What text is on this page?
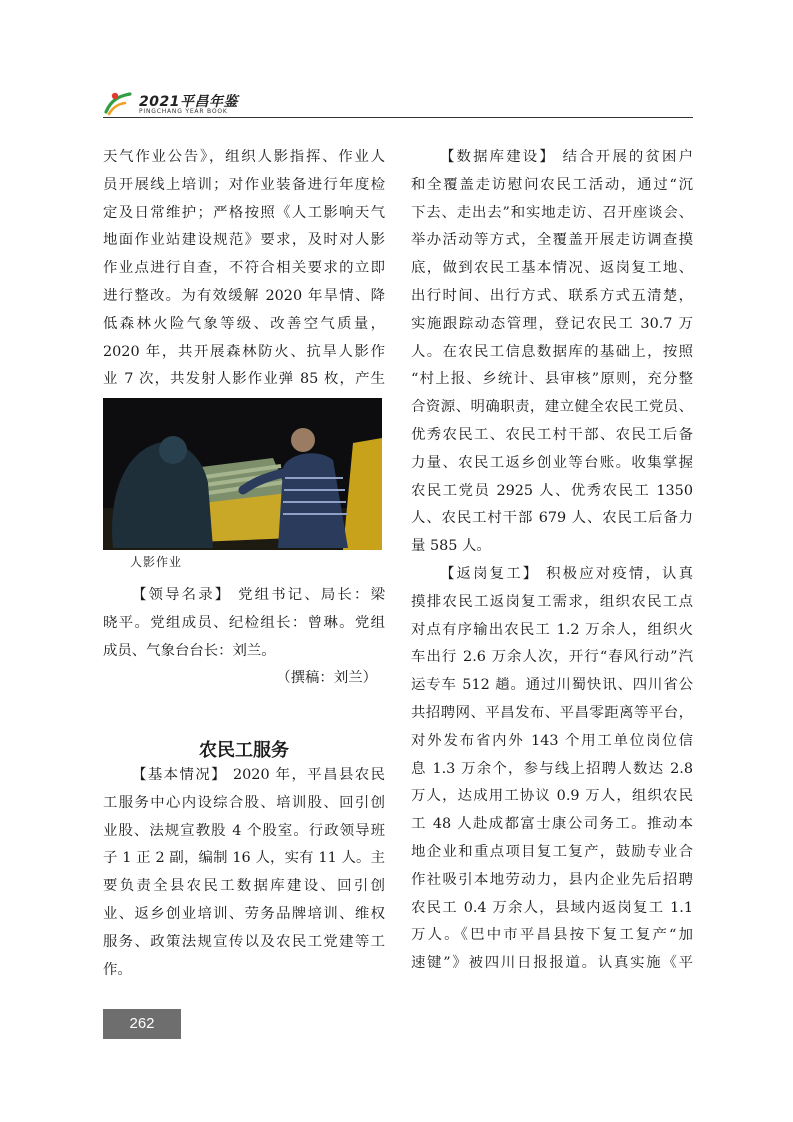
2021平昌年鉴
PINGCHANG YEAR BOOK
天气作业公告》，组织人影指挥、作业人
员开展线上培训；对作业装备进行年度检
定及日常维护；严格按照《人工影响天气
地面作业站建设规范》要求，及时对人影
作业点进行自查，不符合相关要求的立即
进行整改。为有效缓解 2020 年旱情、降
低森林火险气象等级、改善空气质量，
2020 年，共开展森林防火、抗旱人影作
业 7 次，共发射人影作业弹 85 枚，产生
人影作业
【领导名录】 党组书记、局长：梁
晓平。党组成员、纪检组长：曾琳。党组
成员、气象台台长：刘兰。
（撰稿：刘兰）
农民工服务
【基本情况】 2020 年，平昌县农民
工服务中心内设综合股、培训股、回引创
业股、法规宣教股 4 个股室。行政领导班
子 1 正 2 副，编制 16 人，实有 11 人。主
要负责全县农民工数据库建设、回引创
业、返乡创业培训、劳务品牌培训、维权
服务、政策法规宣传以及农民工党建等工
作。
【数据库建设】 结合开展的贫困户
和全覆盖走访慰问农民工活动，通过“沉
下去、走出去”和实地走访、召开座谈会、
举办活动等方式，全覆盖开展走访调查摸
底，做到农民工基本情况、返岗复工地、
出行时间、出行方式、联系方式五清楚，
实施跟踪动态管理，登记农民工 30.7 万
人。在农民工信息数据库的基础上，按照
“村上报、乡统计、县审核”原则，充分整
合资源、明确职责，建立健全农民工党员、
优秀农民工、农民工村干部、农民工后备
力量、农民工返乡创业等台账。收集掌握
农民工党员 2925 人、优秀农民工 1350
人、农民工村干部 679 人、农民工后备力
量 585 人。
【返岗复工】 积极应对疫情，认真
摸排农民工返岗复工需求，组织农民工点
对点有序输出农民工 1.2 万余人，组织火
车出行 2.6 万余人次，开行“春风行动”汽
运专车 512 趟。通过川蜀快讯、四川省公
共招聘网、平昌发布、平昌零距离等平台，
对外发布省内外 143 个用工单位岗位信
息 1.3 万余个，参与线上招聘人数达 2.8
万人，达成用工协议 0.9 万人，组织农民
工 48 人赴成都富士康公司务工。推动本
地企业和重点项目复工复产，鼓励专业合
作社吸引本地劳动力，县内企业先后招聘
农民工 0.4 万余人，县域内返岗复工 1.1
万人。《巴中市平昌县按下复工复产“加
速键”》被四川日报报道。认真实施《平
262
